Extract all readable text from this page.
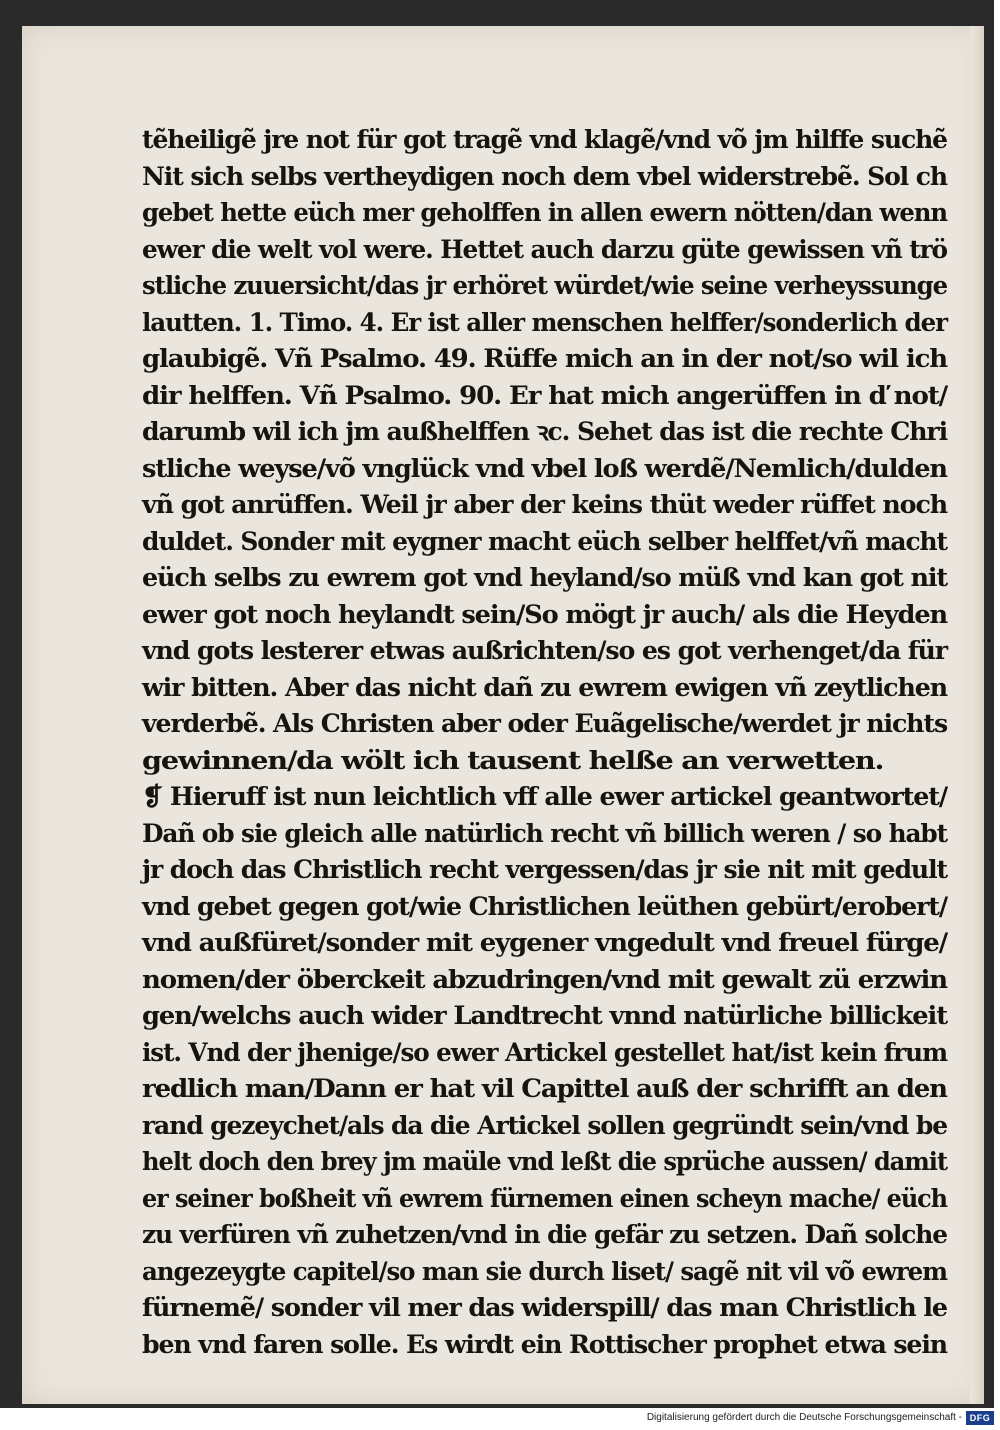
tẽheiligẽ jre not für got tragẽ vnd klagẽ/vnd võ jm hilffe suchẽ
Nit sich selbs vertheydigen noch dem vbel widerstrebẽ. Sol ch
gebet hette eüch mer geholffen in allen ewern nötten/dan wenn
ewer die welt vol were. Hettet auch darzu güte gewissen vñ trö
stliche zuuersicht/das jr erhöret würdet/wie seine verheyssunge
lautten. 1. Timo. 4. Er ist aller menschen helffer/sonderlich der
glaubigẽ. Vñ Psalmo. 49. Rüffe mich an in der not/so wil ich
dir helffen. Vñ Psalmo. 90. Er hat mich angerüffen in ď not/
darumb wil ich jm außhelffen ꝛc. Sehet das ist die rechte Chri
stliche weyse/võ vnglück vnd vbel loß werdẽ/Nemlich/dulden
vñ got anrüffen. Weil jr aber der keins thüt weder rüffet noch
duldet. Sonder mit eygner macht eüch selber helffet/vñ macht
eüch selbs zu ewrem got vnd heyland/so müß vnd kan got nit
ewer got noch heylandt sein/So mögt jr auch/ als die Heyden
vnd gots lesterer etwas außrichten/so es got verhenget/da für
wir bitten. Aber das nicht dañ zu ewrem ewigen vñ zeytlichen
verderbẽ. Als Christen aber oder Euãgelische/werdet jr nichts
gewinnen/da wölt ich tausent helße an verwetten.
❡ Hieruff ist nun leichtlich vff alle ewer artickel geantwortet/
Dañ ob sie gleich alle natürlich recht vñ billich weren / so habt
jr doch das Christlich recht vergessen/das jr sie nit mit gedult
vnd gebet gegen got/wie Christlichen leüthen gebürt/erobert/
vnd außfüret/sonder mit eygener vngedult vnd freuel fürge/
nomen/der öberckeit abzudringen/vnd mit gewalt zü erzwin
gen/welchs auch wider Landtrecht vnnd natürliche billickeit
ist. Vnd der jhenige/so ewer Artickel gestellet hat/ist kein frum
redlich man/Dann er hat vil Capittel auß der schrifft an den
rand gezeychet/als da die Artickel sollen gegründt sein/vnd be
helt doch den brey jm maüle vnd leßt die sprüche aussen/ damit
er seiner boßheit vñ ewrem fürnemen einen scheyn mache/ eüch
zu verfüren vñ zuhetzen/vnd in die gefär zu setzen. Dañ solche
angezeygte capitel/so man sie durch liset/ sagẽ nit vil võ ewrem
fürnemẽ/ sonder vil mer das widerspill/ das man Christlich le
ben vnd faren solle. Es wirdt ein Rottischer prophet etwa sein
Digitalisierung gefördert durch die Deutsche Forschungsgemeinschaft - DFG
